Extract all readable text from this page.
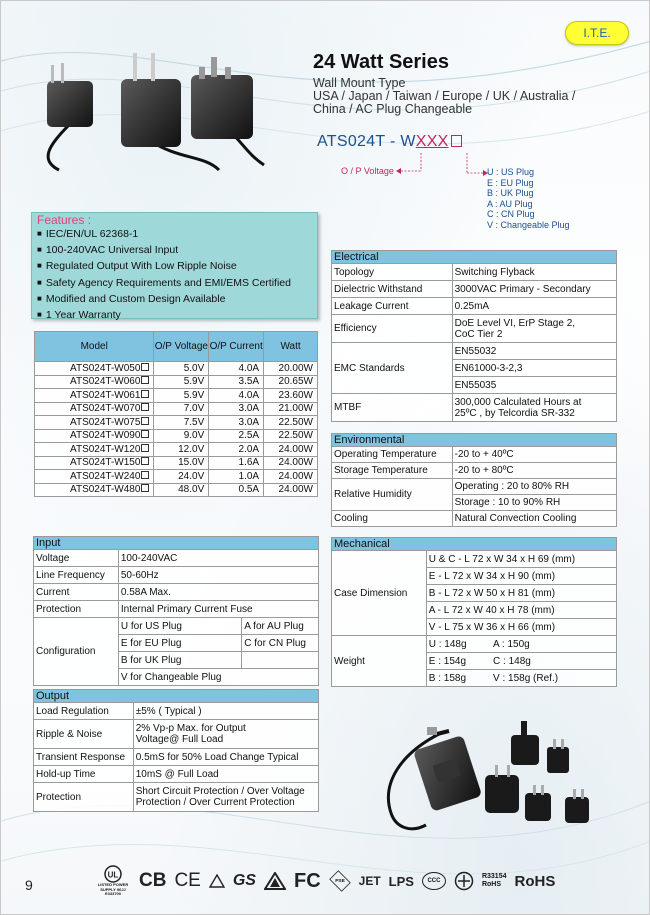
I.T.E.
24 Watt Series
Wall Mount Type
USA / Japan / Taiwan / Europe / UK / Australia /
China / AC Plug Changeable
ATS024T - WXXX
O / P Voltage	U : US Plug
E : EU Plug
B : UK Plug
A : AU Plug
C : CN Plug
V : Changeable Plug
Features :
■ IEC/EN/UL 62368-1
■ 100-240VAC Universal Input
■ Regulated Output With Low Ripple Noise
■ Safety Agency Requirements and EMI/EMS Certified
■ Modified and Custom Design Available
■ 1 Year Warranty
Model	O/P Voltage	O/P Current	Watt
ATS024T-W050	5.0V	4.0A	20.00W
ATS024T-W060	5.9V	3.5A	20.65W
ATS024T-W061	5.9V	4.0A	23.60W
ATS024T-W070	7.0V	3.0A	21.00W
ATS024T-W075	7.5V	3.0A	22.50W
ATS024T-W090	9.0V	2.5A	22.50W
ATS024T-W120	12.0V	2.0A	24.00W
ATS024T-W150	15.0V	1.6A	24.00W
ATS024T-W240	24.0V	1.0A	24.00W
ATS024T-W480	48.0V	0.5A	24.00W
Electrical	
Topology	Switching Flyback
Dielectric Withstand	3000VAC Primary - Secondary
Leakage Current	0.25mA
Efficiency	DoE Level VI, ErP Stage 2,
CoC Tier 2

EMC Standards	EN55032
	EN61000-3-2,3
	EN55035
MTBF	300,000 Calculated Hours at
25ºC , by Telcordia SR-332
Environmental	
Operating Temperature	-20 to + 40ºC
Storage Temperature	-20 to + 80ºC
Relative Humidity	Operating : 20 to 80% RH
	Storage : 10 to 90% RH
Cooling	Natural Convection Cooling
Mechanical		
Case Dimension	U & C - L 72 x W 34 x H 69 (mm)	
	E - L 72 x W 34 x H 90 (mm)	
	B - L 72 x W 50 x H 81 (mm)	
	A - L 72 x W 40 x H 78 (mm)	
	V - L 75 x W 36 x H 66 (mm)	
Weight	U : 148g	A : 150g
	E : 154g	C : 148g
	B : 158g	V : 158g (Ref.)
Input		
Voltage	100-240VAC	
Line Frequency	50-60Hz	
Current	0.58A Max.	
Protection	Internal Primary Current Fuse	
Configuration	U for US Plug	A for AU Plug
	E for EU Plug	C for CN Plug
	B for UK Plug	
	V for Changeable Plug	
Output	
Load Regulation	±5% ( Typical )
Ripple & Noise	2% Vp-p Max. for Output
Voltage@ Full Load

Transient Response	0.5mS for 50% Load Change Typical
Hold-up Time	10mS @ Full Load
Protection	Short Circuit Protection / Over Voltage
Protection / Over Current Protection
9
UL
LISTED POWER SUPPLY 96JJ E333700
CB CE GS FC PSE JET LPS CCC
R33154
RoHS RoHS
